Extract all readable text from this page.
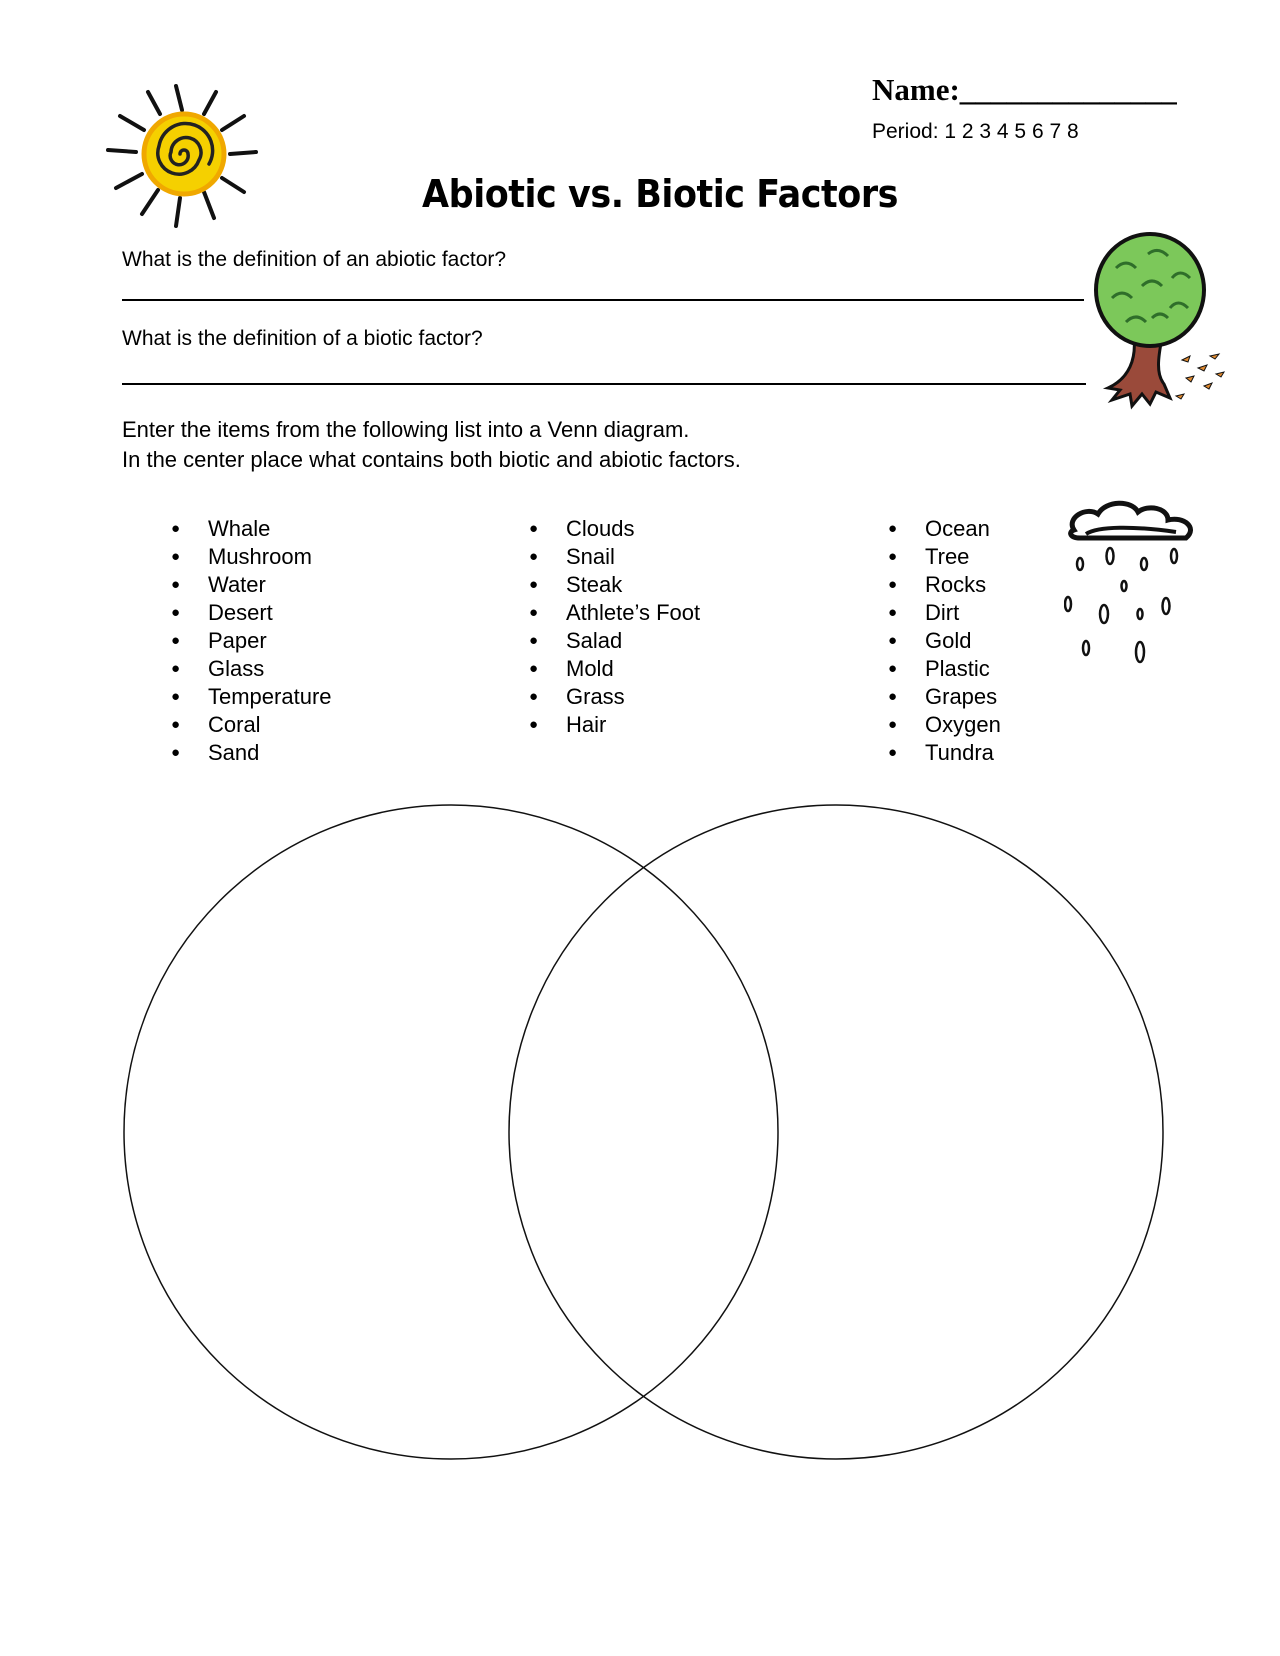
Name:______________
Period: 1 2 3 4 5 6 7 8
Abiotic vs. Biotic Factors
What is the definition of an abiotic factor?
What is the definition of a biotic factor?
Enter the items from the following list into a Venn diagram.
In the center place what contains both biotic and abiotic factors.
● Whale
● Mushroom
● Water
● Desert
● Paper
● Glass
● Temperature
● Coral
● Sand
● Clouds
● Snail
● Steak
● Athlete’s Foot
● Salad
● Mold
● Grass
● Hair
● Ocean
● Tree
● Rocks
● Dirt
● Gold
● Plastic
● Grapes
● Oxygen
● Tundra
